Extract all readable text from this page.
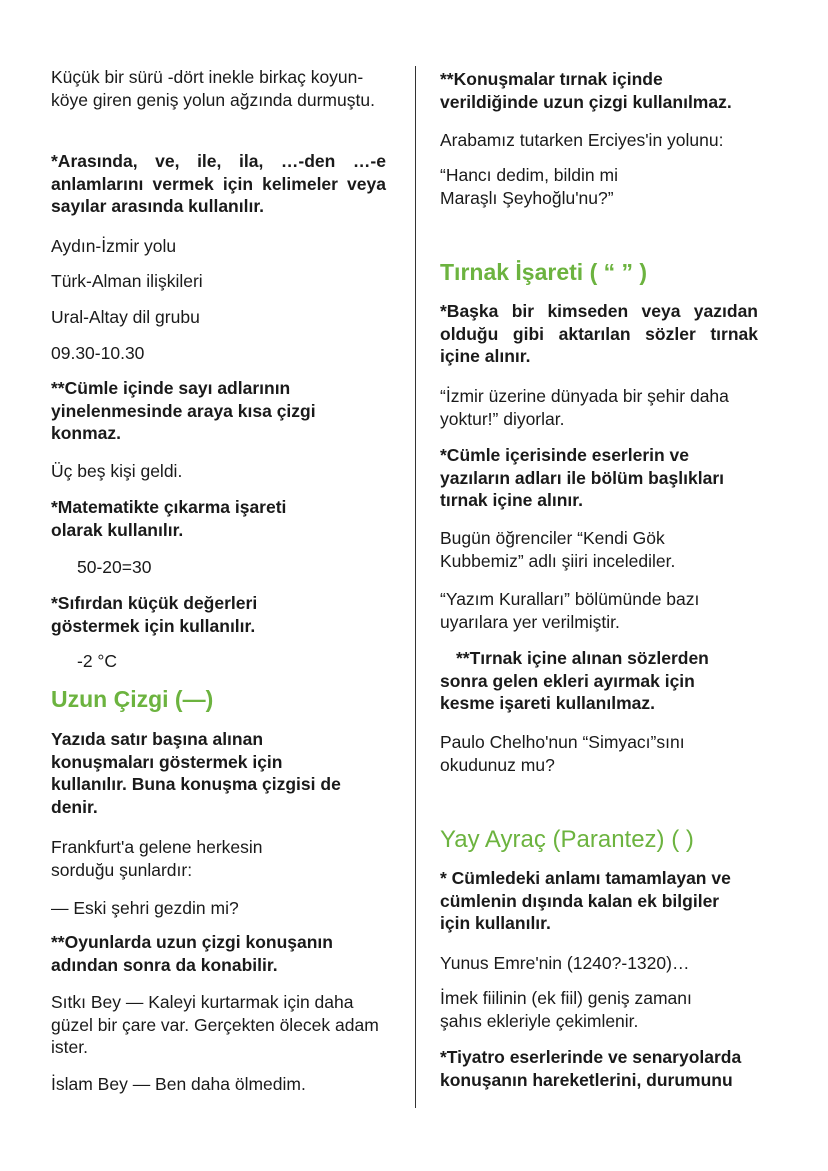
Küçük bir sürü -dört inekle birkaç koyun- köye giren geniş yolun ağzında durmuştu.

*Arasında, ve, ile, ila, …-den …-e anlamlarını vermek için kelimeler veya sayılar arasında kullanılır.

Aydın-İzmir yolu

Türk-Alman ilişkileri

Ural-Altay dil grubu

09.30-10.30

**Cümle içinde sayı adlarının yinelenmesinde araya kısa çizgi konmaz.

Üç beş kişi geldi.

*Matematikte çıkarma işareti olarak kullanılır.

50-20=30

*Sıfırdan küçük değerleri göstermek için kullanılır.

-2 °C

Uzun Çizgi (—)

Yazıda satır başına alınan konuşmaları göstermek için kullanılır. Buna konuşma çizgisi de denir.

Frankfurt'a gelene herkesin sorduğu şunlardır:

— Eski şehri gezdin mi?

**Oyunlarda uzun çizgi konuşanın adından sonra da konabilir.

Sıtkı Bey — Kaleyi kurtarmak için daha güzel bir çare var. Gerçekten ölecek adam ister.

İslam Bey — Ben daha ölmedim.

**Konuşmalar tırnak içinde verildiğinde uzun çizgi kullanılmaz.

Arabamız tutarken Erciyes'in yolunu:

“Hancı dedim, bildin mi Maraşlı Şeyhoğlu'nu?”

Tırnak İşareti ( “ ” )

*Başka bir kimseden veya yazıdan olduğu gibi aktarılan sözler tırnak içine alınır.

“İzmir üzerine dünyada bir şehir daha yoktur!” diyorlar.

*Cümle içerisinde eserlerin ve yazıların adları ile bölüm başlıkları tırnak içine alınır.

Bugün öğrenciler “Kendi Gök Kubbemiz” adlı şiiri incelediler.

“Yazım Kuralları” bölümünde bazı uyarılara yer verilmiştir.

**Tırnak içine alınan sözlerden sonra gelen ekleri ayırmak için kesme işareti kullanılmaz.

Paulo Chelho'nun “Simyacı”sını okudunuz mu?

Yay Ayraç (Parantez) ( )

* Cümledeki anlamı tamamlayan ve cümlenin dışında kalan ek bilgiler için kullanılır.

Yunus Emre'nin (1240?-1320)…

İmek fiilinin (ek fiil) geniş zamanı şahıs ekleriyle çekimlenir.

*Tiyatro eserlerinde ve senaryolarda konuşanın hareketlerini, durumunu
